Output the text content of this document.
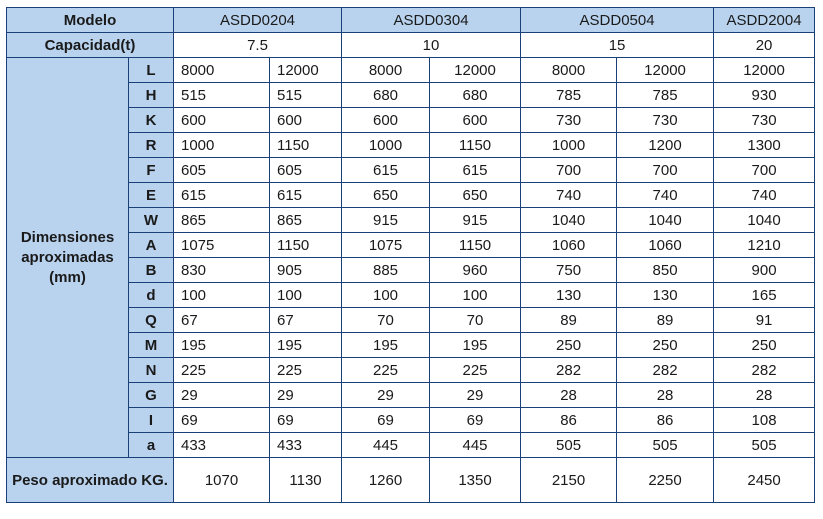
Modelo		ASDD0204		ASDD0304		ASDD0504		ASDD2004
Capacidad(t)		7.5		10		15		20
Dimensiones aproximadas (mm)	L	8000	12000	8000	12000	8000	12000	12000
	H	515	515	680	680	785	785	930
	K	600	600	600	600	730	730	730
	R	1000	1150	1000	1150	1000	1200	1300
	F	605	605	615	615	700	700	700
	E	615	615	650	650	740	740	740
	W	865	865	915	915	1040	1040	1040
	A	1075	1150	1075	1150	1060	1060	1210
	B	830	905	885	960	750	850	900
	d	100	100	100	100	130	130	165
	Q	67	67	70	70	89	89	91
	M	195	195	195	195	250	250	250
	N	225	225	225	225	282	282	282
	G	29	29	29	29	28	28	28
	I	69	69	69	69	86	86	108
	a	433	433	445	445	505	505	505
Peso aproximado KG.		1070	1130	1260	1350	2150	2250	2450
